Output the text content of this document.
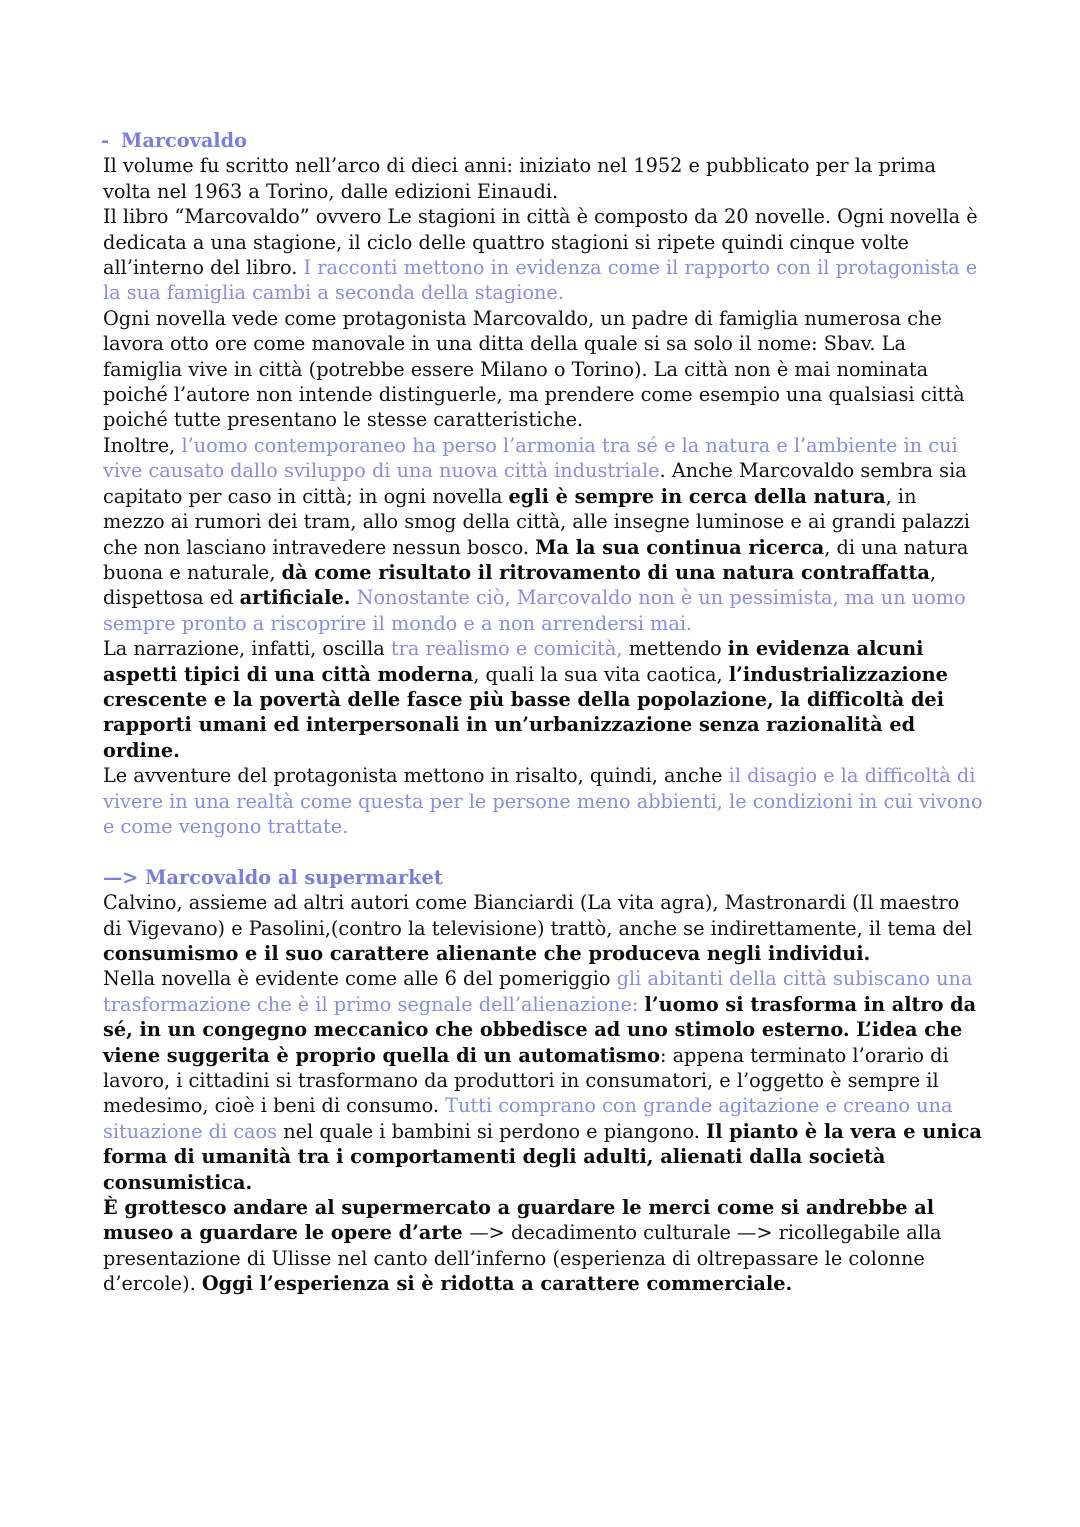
- Marcovaldo

Il volume fu scritto nell’arco di dieci anni: iniziato nel 1952 e pubblicato per la prima volta nel 1963 a Torino, dalle edizioni Einaudi.

Il libro “Marcovaldo” ovvero Le stagioni in città è composto da 20 novelle. Ogni novella è dedicata a una stagione, il ciclo delle quattro stagioni si ripete quindi cinque volte all’interno del libro. I racconti mettono in evidenza come il rapporto con il protagonista e la sua famiglia cambi a seconda della stagione.

Ogni novella vede come protagonista Marcovaldo, un padre di famiglia numerosa che lavora otto ore come manovale in una ditta della quale si sa solo il nome: Sbav. La famiglia vive in città (potrebbe essere Milano o Torino). La città non è mai nominata poiché l’autore non intende distinguerle, ma prendere come esempio una qualsiasi città poiché tutte presentano le stesse caratteristiche.

Inoltre, l’uomo contemporaneo ha perso l’armonia tra sé e la natura e l’ambiente in cui vive causato dallo sviluppo di una nuova città industriale. Anche Marcovaldo sembra sia capitato per caso in città; in ogni novella egli è sempre in cerca della natura, in mezzo ai rumori dei tram, allo smog della città, alle insegne luminose e ai grandi palazzi che non lasciano intravedere nessun bosco. Ma la sua continua ricerca, di una natura buona e naturale, dà come risultato il ritrovamento di una natura contraffatta, dispettosa ed artificiale. Nonostante ciò, Marcovaldo non è un pessimista, ma un uomo sempre pronto a riscoprire il mondo e a non arrendersi mai.

La narrazione, infatti, oscilla tra realismo e comicità, mettendo in evidenza alcuni aspetti tipici di una città moderna, quali la sua vita caotica, l’industrializzazione crescente e la povertà delle fasce più basse della popolazione, la difficoltà dei rapporti umani ed interpersonali in un’urbanizzazione senza razionalità ed ordine.

Le avventure del protagonista mettono in risalto, quindi, anche il disagio e la difficoltà di vivere in una realtà come questa per le persone meno abbienti, le condizioni in cui vivono e come vengono trattate.

—> Marcovaldo al supermarket

Calvino, assieme ad altri autori come Bianciardi (La vita agra), Mastronardi (Il maestro di Vigevano) e Pasolini,(contro la televisione) trattò, anche se indirettamente, il tema del consumismo e il suo carattere alienante che produceva negli individui.

Nella novella è evidente come alle 6 del pomeriggio gli abitanti della città subiscano una trasformazione che è il primo segnale dell’alienazione: l’uomo si trasforma in altro da sé, in un congegno meccanico che obbedisce ad uno stimolo esterno. L’idea che viene suggerita è proprio quella di un automatismo: appena terminato l’orario di lavoro, i cittadini si trasformano da produttori in consumatori, e l’oggetto è sempre il medesimo, cioè i beni di consumo. Tutti comprano con grande agitazione e creano una situazione di caos nel quale i bambini si perdono e piangono. Il pianto è la vera e unica forma di umanità tra i comportamenti degli adulti, alienati dalla società consumistica.

È grottesco andare al supermercato a guardare le merci come si andrebbe al museo a guardare le opere d’arte —> decadimento culturale —> ricollegabile alla presentazione di Ulisse nel canto dell’inferno (esperienza di oltrepassare le colonne d’ercole). Oggi l’esperienza si è ridotta a carattere commerciale.
